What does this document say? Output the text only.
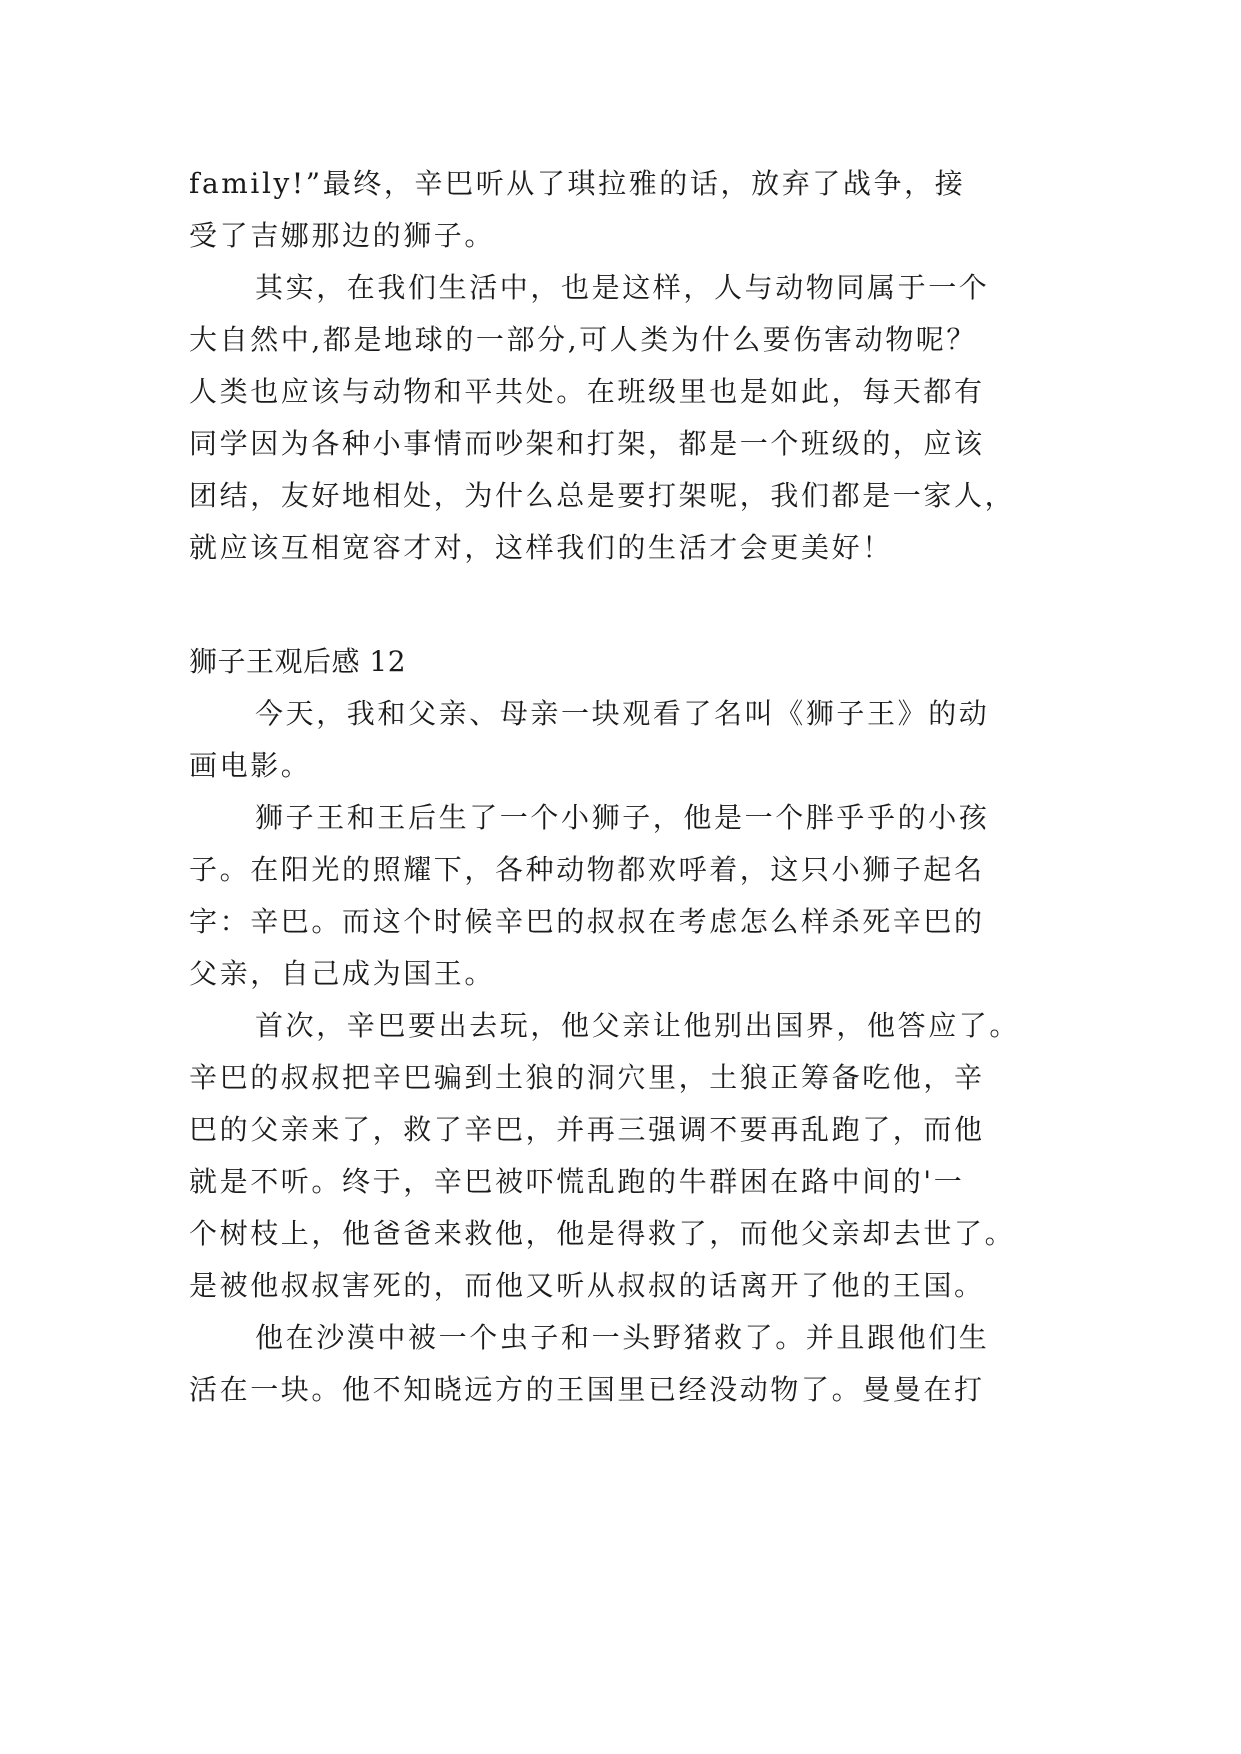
family!”最终，辛巴听从了琪拉雅的话，放弃了战争，接
受了吉娜那边的狮子。
其实，在我们生活中，也是这样，人与动物同属于一个
大自然中,都是地球的一部分,可人类为什么要伤害动物呢？
人类也应该与动物和平共处。在班级里也是如此，每天都有
同学因为各种小事情而吵架和打架，都是一个班级的，应该
团结，友好地相处，为什么总是要打架呢，我们都是一家人，
就应该互相宽容才对，这样我们的生活才会更美好！
狮子王观后感 12
今天，我和父亲、母亲一块观看了名叫《狮子王》的动
画电影。
狮子王和王后生了一个小狮子，他是一个胖乎乎的小孩
子。在阳光的照耀下，各种动物都欢呼着，这只小狮子起名
字：辛巴。而这个时候辛巴的叔叔在考虑怎么样杀死辛巴的
父亲，自己成为国王。
首次，辛巴要出去玩，他父亲让他别出国界，他答应了。
辛巴的叔叔把辛巴骗到土狼的洞穴里，土狼正筹备吃他，辛
巴的父亲来了，救了辛巴，并再三强调不要再乱跑了，而他
就是不听。终于，辛巴被吓慌乱跑的牛群困在路中间的'一
个树枝上，他爸爸来救他，他是得救了，而他父亲却去世了。
是被他叔叔害死的，而他又听从叔叔的话离开了他的王国。
他在沙漠中被一个虫子和一头野猪救了。并且跟他们生
活在一块。他不知晓远方的王国里已经没动物了。曼曼在打
